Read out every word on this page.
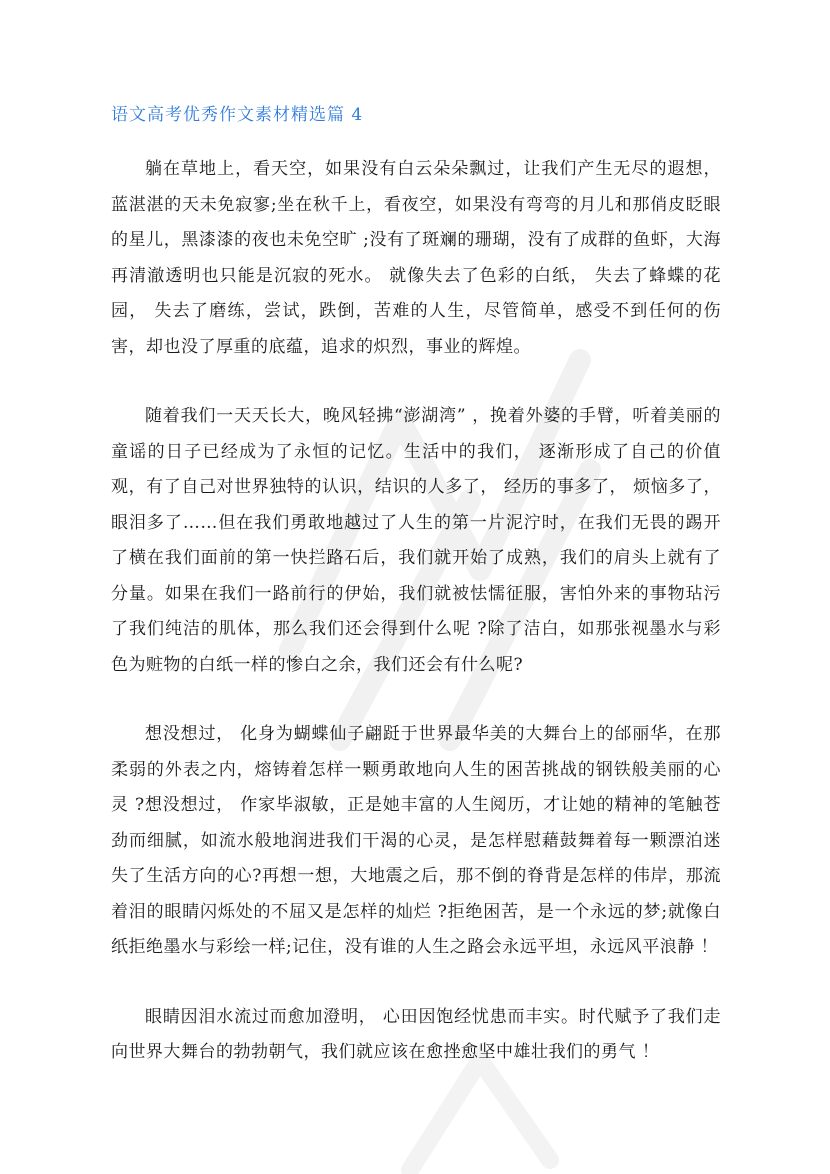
语文高考优秀作文素材精选篇 4

躺在草地上，看天空，如果没有白云朵朵飘过，让我们产生无尽的遐想，蓝湛湛的天未免寂寥;坐在秋千上，看夜空，如果没有弯弯的月儿和那俏皮眨眼的星儿，黑漆漆的夜也未免空旷 ;没有了斑斓的珊瑚，没有了成群的鱼虾，大海再清澈透明也只能是沉寂的死水。 就像失去了色彩的白纸， 失去了蜂蝶的花园， 失去了磨练，尝试，跌倒，苦难的人生，尽管简单，感受不到任何的伤害，却也没了厚重的底蕴，追求的炽烈，事业的辉煌。

随着我们一天天长大，晚风轻拂“澎湖湾” ，挽着外婆的手臂，听着美丽的童谣的日子已经成为了永恒的记忆。生活中的我们， 逐渐形成了自己的价值观，有了自己对世界独特的认识，结识的人多了， 经历的事多了， 烦恼多了，眼泪多了……但在我们勇敢地越过了人生的第一片泥泞时，在我们无畏的踢开了横在我们面前的第一快拦路石后，我们就开始了成熟，我们的肩头上就有了分量。如果在我们一路前行的伊始，我们就被怯懦征服，害怕外来的事物玷污了我们纯洁的肌体，那么我们还会得到什么呢 ?除了洁白，如那张视墨水与彩色为赃物的白纸一样的惨白之余，我们还会有什么呢?

想没想过， 化身为蝴蝶仙子翩跹于世界最华美的大舞台上的邰丽华，在那柔弱的外表之内，熔铸着怎样一颗勇敢地向人生的困苦挑战的钢铁般美丽的心灵 ?想没想过， 作家毕淑敏，正是她丰富的人生阅历，才让她的精神的笔触苍劲而细腻，如流水般地润进我们干渴的心灵，是怎样慰藉鼓舞着每一颗漂泊迷失了生活方向的心?再想一想，大地震之后，那不倒的脊背是怎样的伟岸，那流着泪的眼睛闪烁处的不屈又是怎样的灿烂 ?拒绝困苦，是一个永远的梦;就像白纸拒绝墨水与彩绘一样;记住，没有谁的人生之路会永远平坦，永远风平浪静 ！

眼睛因泪水流过而愈加澄明， 心田因饱经忧患而丰实。时代赋予了我们走向世界大舞台的勃勃朝气，我们就应该在愈挫愈坚中雄壮我们的勇气 ！
